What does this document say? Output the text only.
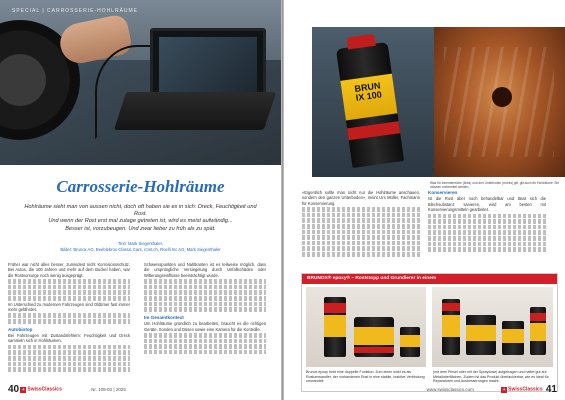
SPECIAL | CARROSSERIE-HOHLRÄUME
Carrosserie-Hohlräume
Hohlräume sieht man von aussen nicht, doch oft haben sie es in sich: Dreck, Feuchtigkeit und Rost.
Und wenn der Rost erst mal zutage getreten ist, wird es meist aufwändig...
Besser ist, vorzubeugen. Und zwar lieber zu früh als zu spät.
Text: Mark Siegenthaler,
Bilder: Brunox AG, Beeblebrox Classic Cars, rcmt.ch, Roelli Inc AG, Mark Siegenthaler
Früher war nicht alles besser, zumindest nicht Korrosionsschutz. Bei Autos, die 100 Jahren und mehr auf dem Buckel haben, war die Rostvorsorge noch wenig ausgeprägt.
Im Unterschied zu modernen Fahrzeugen sind Oldtimer fast immer mehr gefährdet.
Autobiotop
Bei Fahrzeugen mit Zustandsfehlern: Feuchtigkeit und Dreck sammeln sich in Hohlräumen.
Schweisspunkten und Nahtkanten ist es teilweise möglich, dass die ursprüngliche Versiegelung durch Unfallschäden oder Witterungseinflüsse beeinträchtigt wurde.
Im Gesamtkontext
Um Hohlräume gründlich zu bearbeiten, braucht es die richtigen Geräte, Sonden und Düsen sowie eine Kamera für die Kontrolle.
40 + SwissClassics	Nr. 108-02 | 2025
BRUN
IX 100
Was für Innenbereiche (links) und den Unterboden (rechts) gilt, gilt auch für Hohlräume: Sie müssen vorbereitet werden.
«Eigentlich sollte man nicht nur die Hohlräume anschauen, sondern den ganzen Unterboden», meint Urs Müller, Fachmann für Konservierung.
Konservieren
Ist die Rost aber noch behandelbar und lässt sich die Blechsubstanz sanieren, wird am besten mit Konservierungsmitteln gearbeitet.
BRUNOX® epoxy® – Roststopp und Grundierer in einem
Brunox epoxy hebt eine doppelte Funktion: Zum einen wirkt es als Rostumwandler, der vorhandenen Rost in eine stabile, inaktive Verbindung umwandelt.
(mit dem Pinsel oder mit der Spraydose) aufgetragen und haftet gut auf Metalloberflächen. Zudem ist das Produkt überlackierbar, wie es ideal für Reparaturen und Ausbesserungen macht.
www.swissclassics.com	+ SwissClassics 41
